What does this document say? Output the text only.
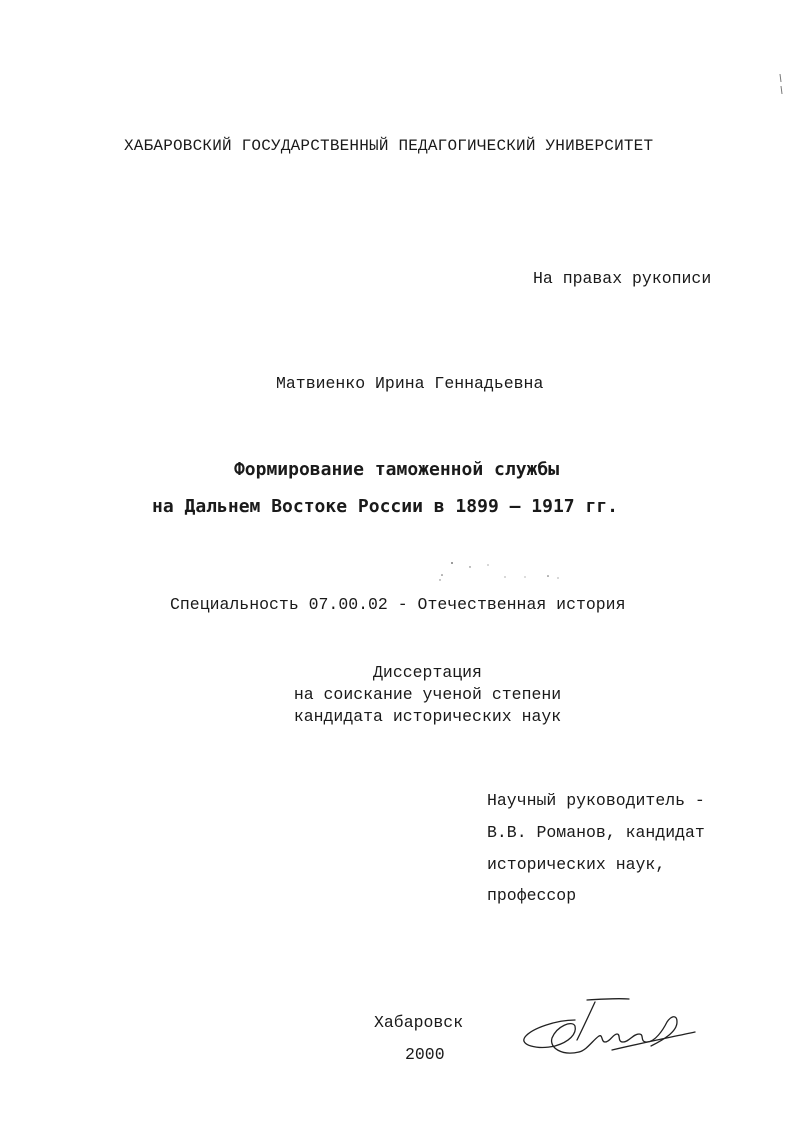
ХАБАРОВСКИЙ ГОСУДАРСТВЕННЫЙ ПЕДАГОГИЧЕСКИЙ УНИВЕРСИТЕТ
На правах рукописи
Матвиенко Ирина Геннадьевна
Формирование таможенной службы
на Дальнем Востоке России в 1899 – 1917 гг.
Специальность 07.00.02 - Отечественная история
Диссертация
на соискание ученой степени
кандидата исторических наук
Научный руководитель -
В.В. Романов, кандидат
исторических наук,
профессор
Хабаровск
2000
